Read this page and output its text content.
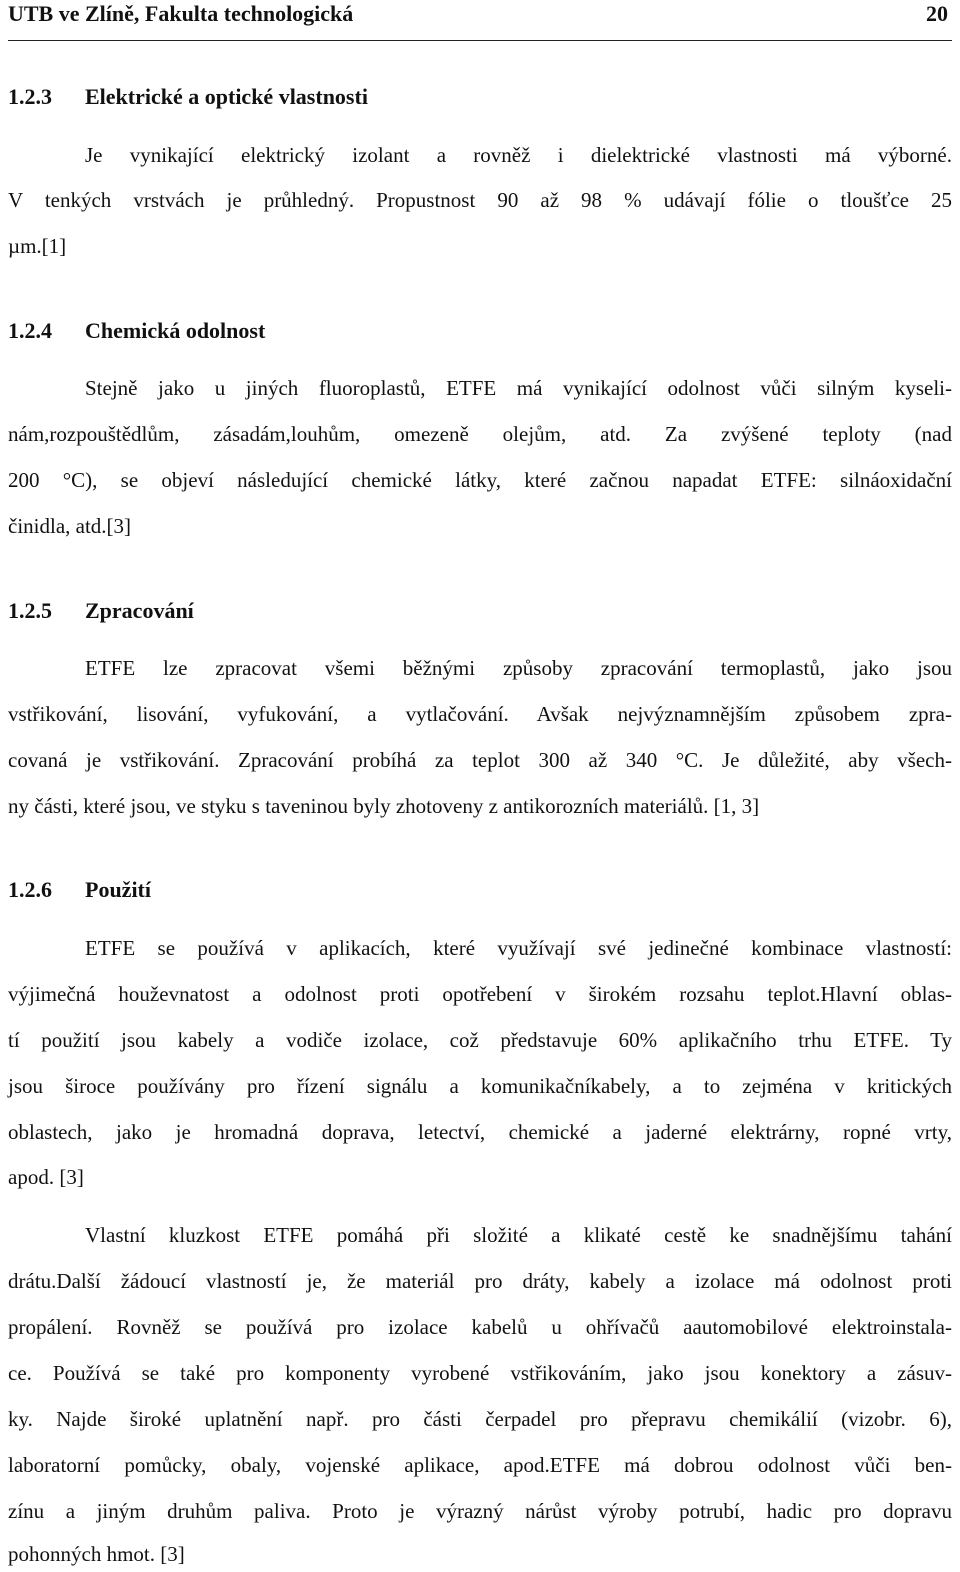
UTB ve Zlíně, Fakulta technologická	20
1.2.3 Elektrické a optické vlastnosti
Je vynikající elektrický izolant a rovněž i dielektrické vlastnosti má výborné.
V tenkých vrstvách je průhledný. Propustnost 90 až 98 % udávají fólie o tloušťce 25
µm.[1]
1.2.4 Chemická odolnost
Stejně jako u jiných fluoroplastů, ETFE má vynikající odolnost vůči silným kyseli-
nám,rozpouštědlům, zásadám,louhům, omezeně olejům, atd. Za zvýšené teploty (nad
200 °C), se objeví následující chemické látky, které začnou napadat ETFE: silnáoxidační
činidla, atd.[3]
1.2.5 Zpracování
ETFE lze zpracovat všemi běžnými způsoby zpracování termoplastů, jako jsou
vstřikování, lisování, vyfukování, a vytlačování. Avšak nejvýznamnějším způsobem zpra-
covaná je vstřikování. Zpracování probíhá za teplot 300 až 340 °C. Je důležité, aby všech-
ny části, které jsou, ve styku s taveninou byly zhotoveny z antikorozních materiálů. [1, 3]
1.2.6 Použití
ETFE se používá v aplikacích, které využívají své jedinečné kombinace vlastností:
výjimečná houževnatost a odolnost proti opotřebení v širokém rozsahu teplot.Hlavní oblas-
tí použití jsou kabely a vodiče izolace, což představuje 60% aplikačního trhu ETFE. Ty
jsou široce používány pro řízení signálu a komunikačníkabely, a to zejména v kritických
oblastech, jako je hromadná doprava, letectví, chemické a jaderné elektrárny, ropné vrty,
apod. [3]
Vlastní kluzkost ETFE pomáhá při složité a klikaté cestě ke snadnějšímu tahání
drátu.Další žádoucí vlastností je, že materiál pro dráty, kabely a izolace má odolnost proti
propálení. Rovněž se používá pro izolace kabelů u ohřívačů aautomobilové elektroinstala-
ce. Používá se také pro komponenty vyrobené vstřikováním, jako jsou konektory a zásuv-
ky. Najde široké uplatnění např. pro části čerpadel pro přepravu chemikálií (vizobr. 6),
laboratorní pomůcky, obaly, vojenské aplikace, apod.ETFE má dobrou odolnost vůči ben-
zínu a jiným druhům paliva. Proto je výrazný nárůst výroby potrubí, hadic pro dopravu
pohonných hmot. [3]
